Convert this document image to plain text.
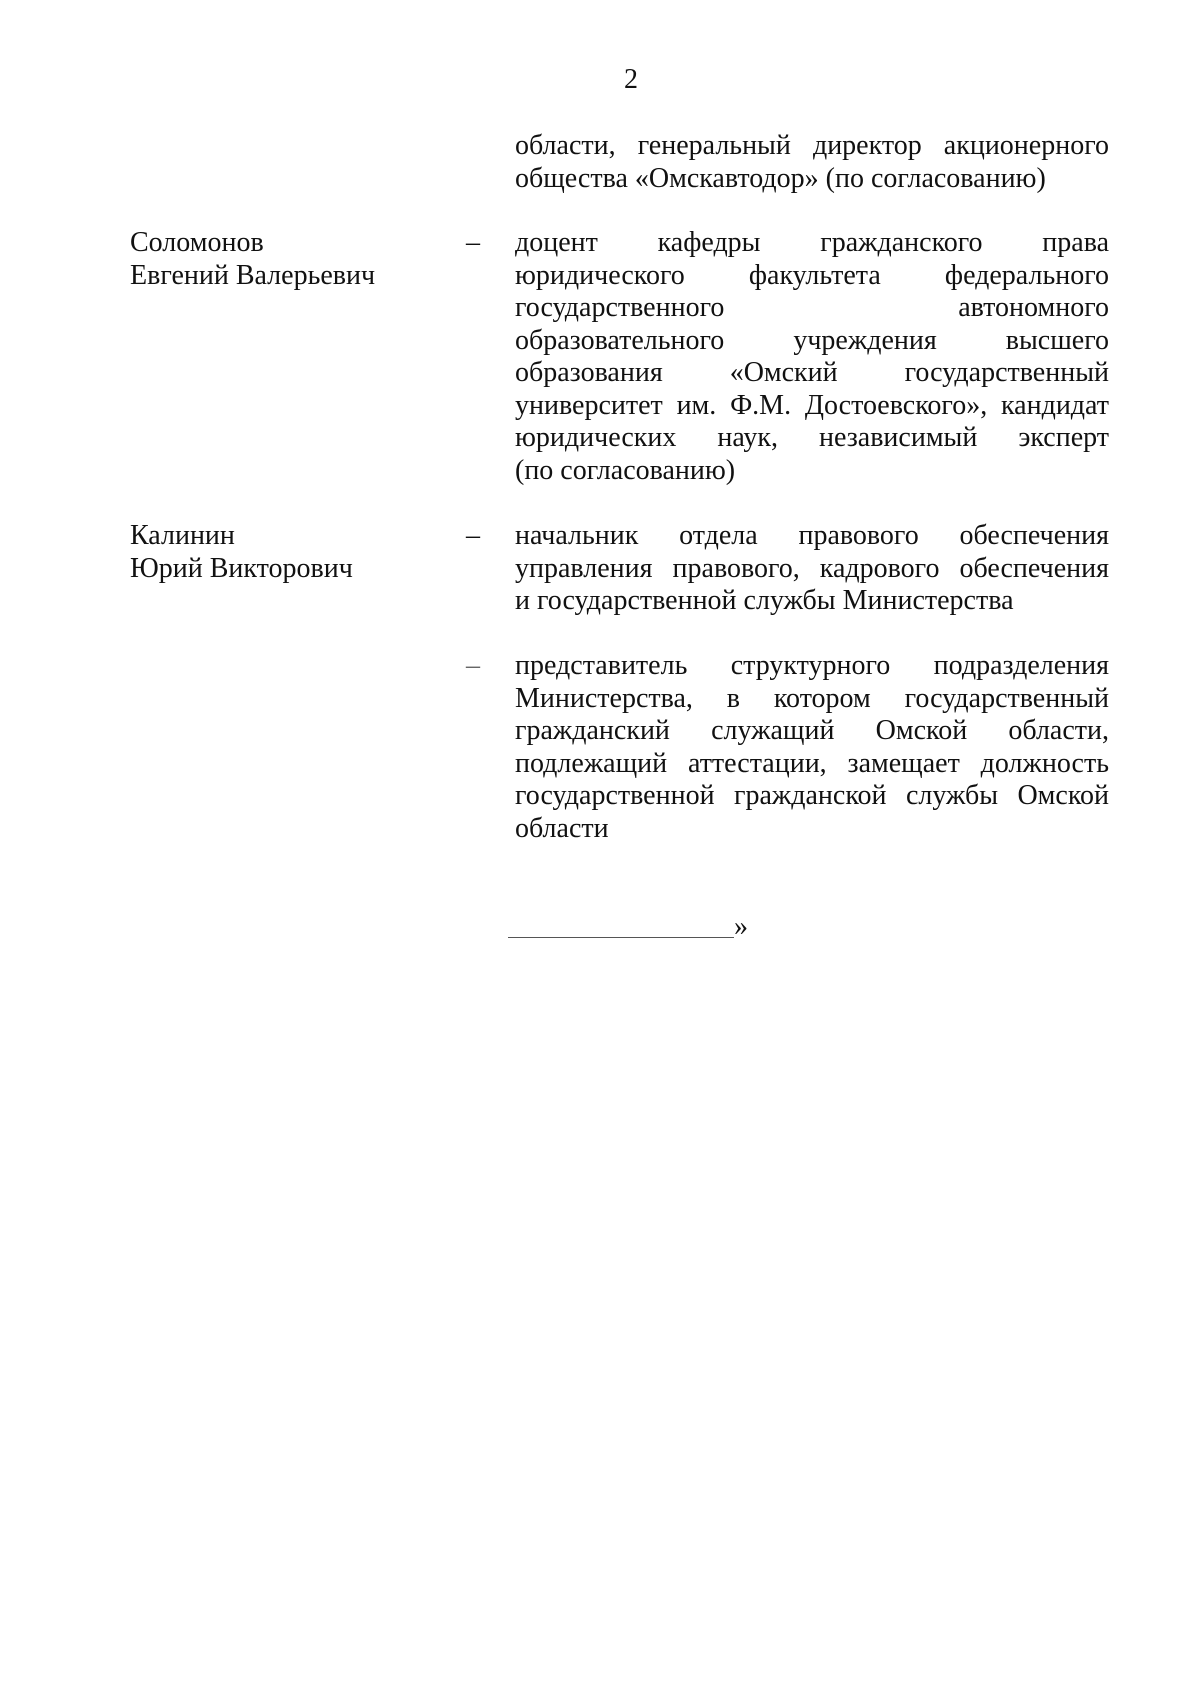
2
области, генеральный директор акционерного
общества «Омскавтодор» (по согласованию)
Соломонов
Евгений Валерьевич
– доцент кафедры гражданского права
юридического факультета федерального
государственного автономного
образовательного учреждения высшего
образования «Омский государственный
университет им. Ф.М. Достоевского», кандидат
юридических наук, независимый эксперт
(по согласованию)
Калинин
Юрий Викторович
– начальник отдела правового обеспечения
управления правового, кадрового обеспечения
и государственной службы Министерства
– представитель структурного подразделения
Министерства, в котором государственный
гражданский служащий Омской области,
подлежащий аттестации, замещает должность
государственной гражданской службы Омской
области
»
